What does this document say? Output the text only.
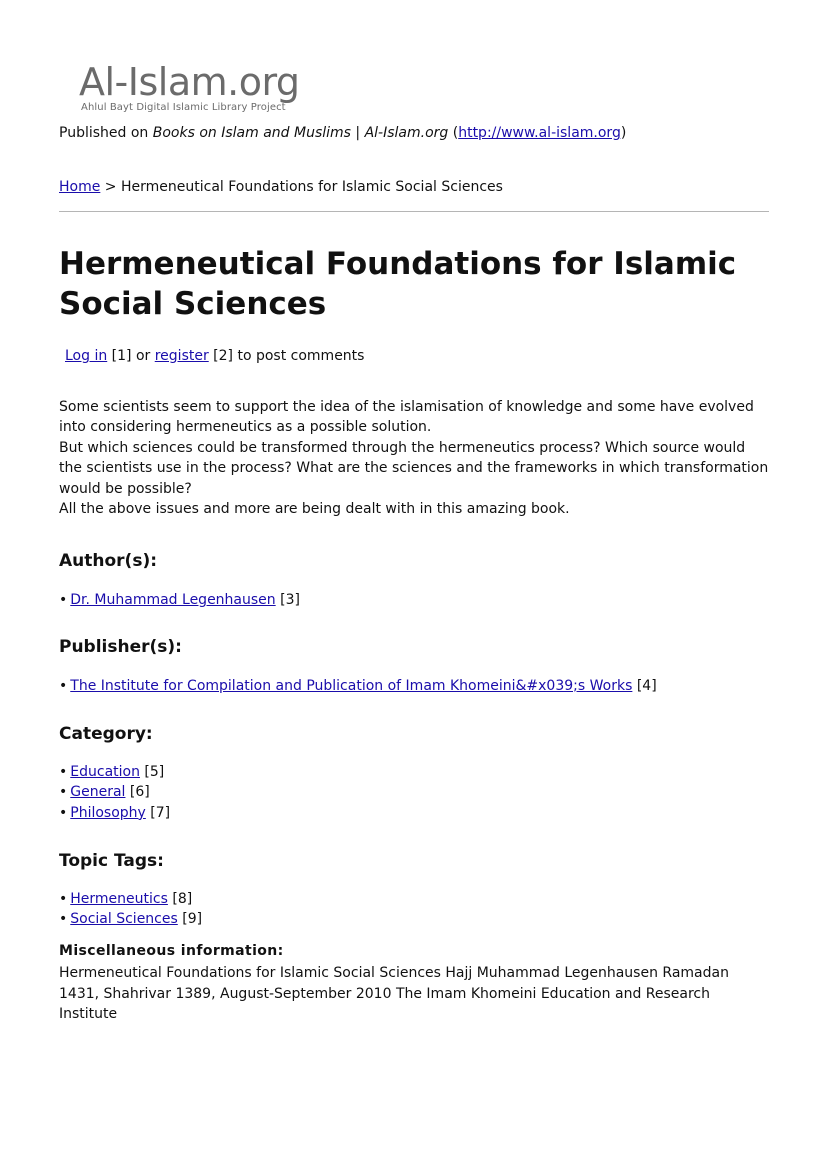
Al-Islam.org
Ahlul Bayt Digital Islamic Library Project
Published on Books on Islam and Muslims | Al-Islam.org (http://www.al-islam.org)
Home > Hermeneutical Foundations for Islamic Social Sciences
Hermeneutical Foundations for Islamic Social Sciences
Log in [1] or register [2] to post comments

Some scientists seem to support the idea of the islamisation of knowledge and some have evolved into considering hermeneutics as a possible solution.

But which sciences could be transformed through the hermeneutics process? Which source would the scientists use in the process? What are the sciences and the frameworks in which transformation would be possible?

All the above issues and more are being dealt with in this amazing book.

Author(s):
• Dr. Muhammad Legenhausen [3]
Publisher(s):
• The Institute for Compilation and Publication of Imam Khomeini&#x039;s Works [4]
Category:
• Education [5]
• General [6]
• Philosophy [7]
Topic Tags:
• Hermeneutics [8]
• Social Sciences [9]
Miscellaneous information:
Hermeneutical Foundations for Islamic Social Sciences Hajj Muhammad Legenhausen Ramadan 1431, Shahrivar 1389, August-September 2010 The Imam Khomeini Education and Research Institute
